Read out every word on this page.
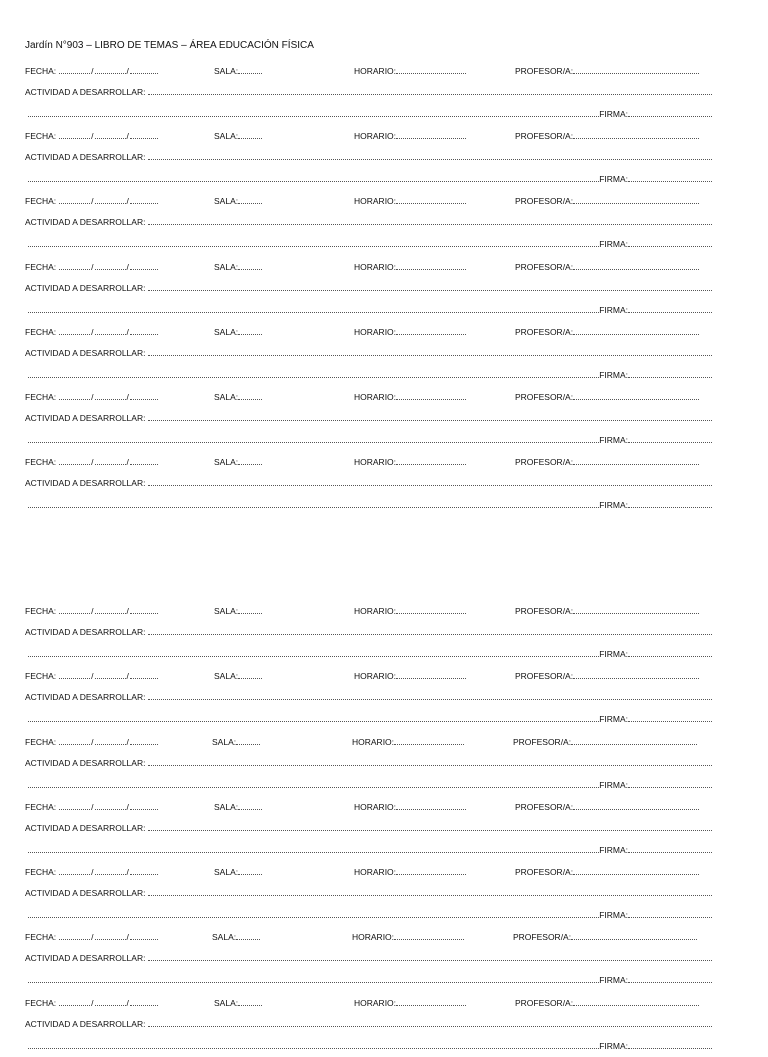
Jardín N°903 – LIBRO DE TEMAS – ÁREA EDUCACIÓN FÍSICA
FECHA:	/	/	SALA:	HORARIO:	PROFESOR/A:
ACTIVIDAD A DESARROLLAR:
FIRMA:
FECHA:	/	/	SALA:	HORARIO:	PROFESOR/A:
ACTIVIDAD A DESARROLLAR:
FIRMA:
FECHA:	/	/	SALA:	HORARIO:	PROFESOR/A:
ACTIVIDAD A DESARROLLAR:
FIRMA:
FECHA:	/	/	SALA:	HORARIO:	PROFESOR/A:
ACTIVIDAD A DESARROLLAR:
FIRMA:
FECHA:	/	/	SALA:	HORARIO:	PROFESOR/A:
ACTIVIDAD A DESARROLLAR:
FIRMA:
FECHA:	/	/	SALA:	HORARIO:	PROFESOR/A:
ACTIVIDAD A DESARROLLAR:
FIRMA:
FECHA:	/	/	SALA:	HORARIO:	PROFESOR/A:
ACTIVIDAD A DESARROLLAR:
FIRMA:
FECHA:	/	/	SALA:	HORARIO:	PROFESOR/A:
ACTIVIDAD A DESARROLLAR:
FIRMA:
FECHA:	/	/	SALA:	HORARIO:	PROFESOR/A:
ACTIVIDAD A DESARROLLAR:
FIRMA:
FECHA:	/	/	SALA:	HORARIO:	PROFESOR/A:
ACTIVIDAD A DESARROLLAR:
FIRMA:
FECHA:	/	/	SALA:	HORARIO:	PROFESOR/A:
ACTIVIDAD A DESARROLLAR:
FIRMA:
FECHA:	/	/	SALA:	HORARIO:	PROFESOR/A:
ACTIVIDAD A DESARROLLAR:
FIRMA:
FECHA:	/	/	SALA:	HORARIO:	PROFESOR/A:
ACTIVIDAD A DESARROLLAR:
FIRMA:
FECHA:	/	/	SALA:	HORARIO:	PROFESOR/A:
ACTIVIDAD A DESARROLLAR:
FIRMA:
